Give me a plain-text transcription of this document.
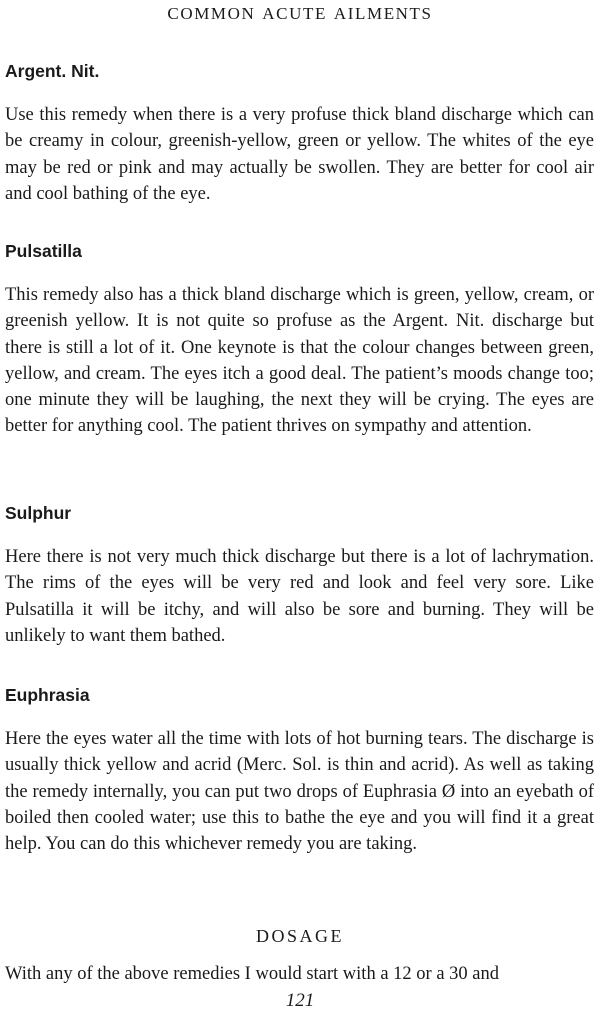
COMMON ACUTE AILMENTS
Argent. Nit.

Use this remedy when there is a very profuse thick bland discharge which can be creamy in colour, greenish-yellow, green or yellow. The whites of the eye may be red or pink and may actually be swollen. They are better for cool air and cool bathing of the eye.

Pulsatilla

This remedy also has a thick bland discharge which is green, yellow, cream, or greenish yellow. It is not quite so profuse as the Argent. Nit. discharge but there is still a lot of it. One keynote is that the colour changes between green, yellow, and cream. The eyes itch a good deal. The patient’s moods change too; one minute they will be laughing, the next they will be crying. The eyes are better for anything cool. The patient thrives on sympathy and attention.

Sulphur

Here there is not very much thick discharge but there is a lot of lachrymation. The rims of the eyes will be very red and look and feel very sore. Like Pulsatilla it will be itchy, and will also be sore and burning. They will be unlikely to want them bathed.

Euphrasia

Here the eyes water all the time with lots of hot burning tears. The discharge is usually thick yellow and acrid (Merc. Sol. is thin and acrid). As well as taking the remedy internally, you can put two drops of Euphrasia Ø into an eyebath of boiled then cooled water; use this to bathe the eye and you will find it a great help. You can do this whichever remedy you are taking.

DOSAGE

With any of the above remedies I would start with a 12 or a 30 and

121
